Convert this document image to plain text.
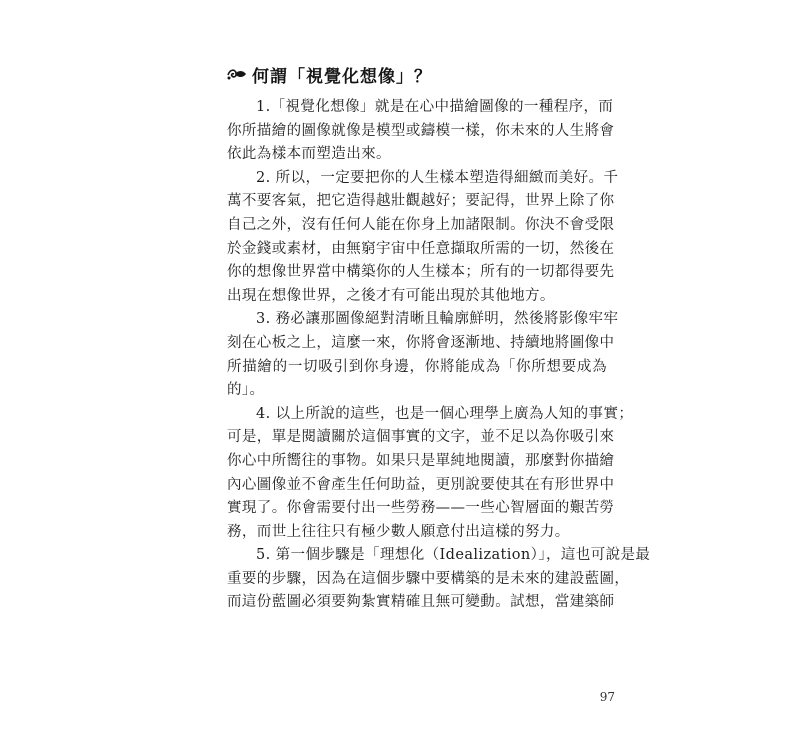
何謂「視覺化想像」？
1.「視覺化想像」就是在心中描繪圖像的一種程序，而
你所描繪的圖像就像是模型或鑄模一樣，你未來的人生將會
依此為樣本而塑造出來。
2. 所以，一定要把你的人生樣本塑造得細緻而美好。千
萬不要客氣，把它造得越壯觀越好；要記得，世界上除了你
自己之外，沒有任何人能在你身上加諸限制。你決不會受限
於金錢或素材，由無窮宇宙中任意擷取所需的一切，然後在
你的想像世界當中構築你的人生樣本；所有的一切都得要先
出現在想像世界，之後才有可能出現於其他地方。
3. 務必讓那圖像絕對清晰且輪廓鮮明，然後將影像牢牢
刻在心板之上，這麼一來，你將會逐漸地、持續地將圖像中
所描繪的一切吸引到你身邊，你將能成為「你所想要成為
的」。
4. 以上所說的這些，也是一個心理學上廣為人知的事實；
可是，單是閱讀關於這個事實的文字，並不足以為你吸引來
你心中所嚮往的事物。如果只是單純地閱讀，那麼對你描繪
內心圖像並不會產生任何助益，更別說要使其在有形世界中
實現了。你會需要付出一些勞務——一些心智層面的艱苦勞
務，而世上往往只有極少數人願意付出這樣的努力。
5. 第一個步驟是「理想化（Idealization）」，這也可說是最
重要的步驟，因為在這個步驟中要構築的是未來的建設藍圖，
而這份藍圖必須要夠紮實精確且無可變動。試想，當建築師
97
